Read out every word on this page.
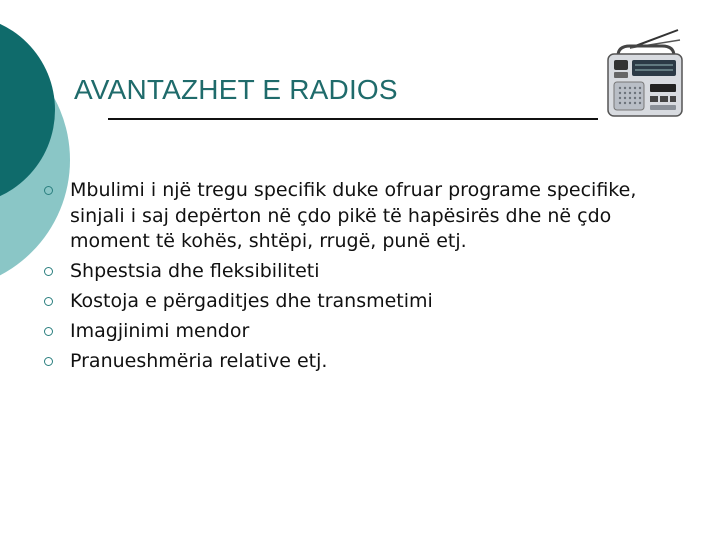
AVANTAZHET E RADIOS
Mbulimi i një tregu specifik duke ofruar programe specifike, sinjali i saj depërton në çdo pikë të hapësirës dhe në çdo moment të kohës, shtëpi, rrugë, punë etj.
Shpestsia dhe fleksibiliteti
Kostoja e përgaditjes dhe transmetimi
Imagjinimi mendor
Pranueshmëria relative etj.
